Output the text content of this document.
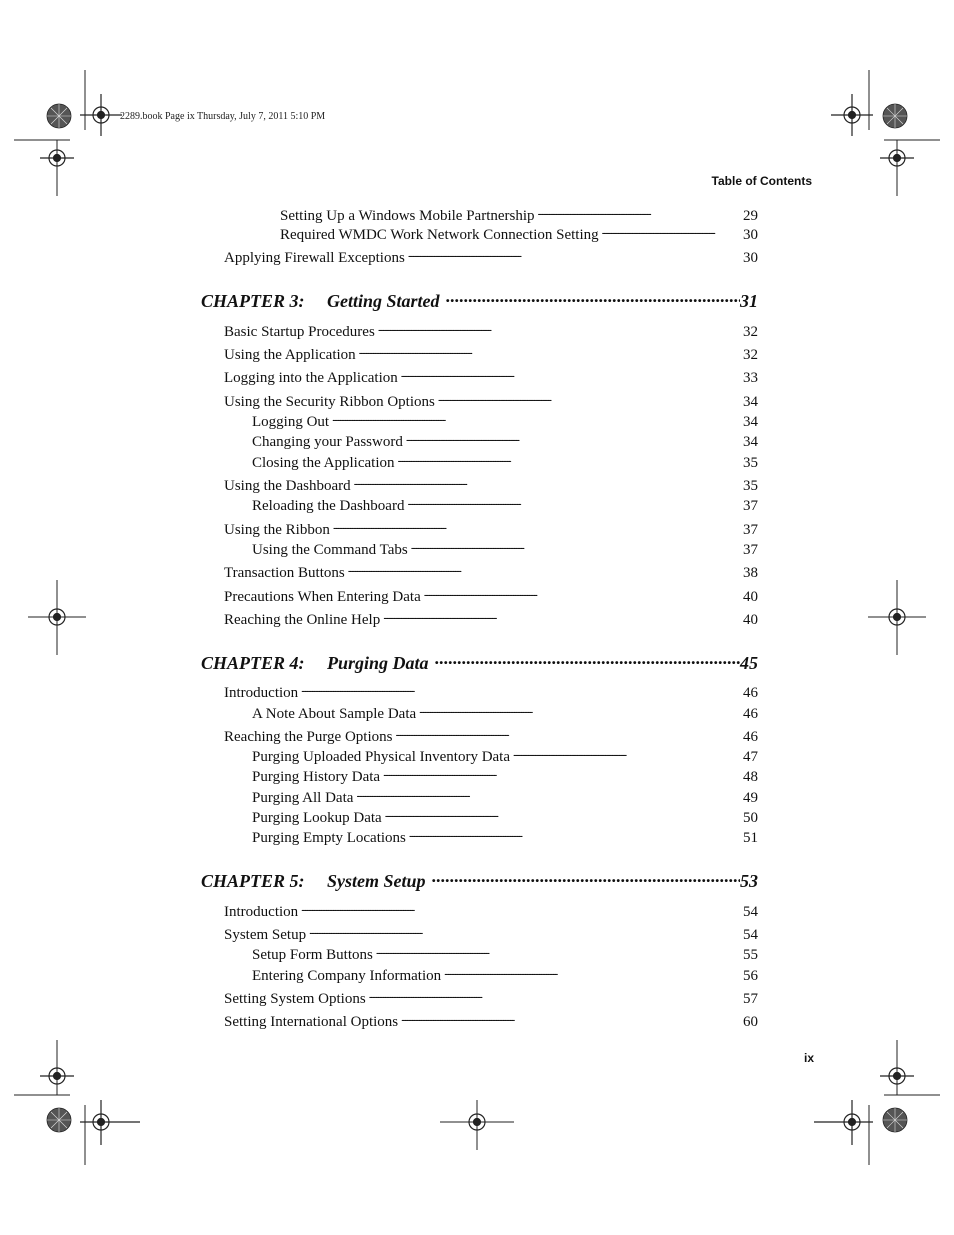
2289.book Page ix Thursday, July 7, 2011 5:10 PM
Table of Contents
Setting Up a Windows Mobile Partnership . . .	29
Required WMDC Work Network Connection Setting . . .	30
Applying Firewall Exceptions . . .	30
CHAPTER 3:	Getting Started .....	31
Basic Startup Procedures . . .	32
Using the Application . . .	32
Logging into the Application . . .	33
Using the Security Ribbon Options . . .	34
Logging Out . . .	34
Changing your Password . . .	34
Closing the Application . . .	35
Using the Dashboard . . .	35
Reloading the Dashboard . . .	37
Using the Ribbon . . .	37
Using the Command Tabs . . .	37
Transaction Buttons . . .	38
Precautions When Entering Data . . .	40
Reaching the Online Help . . .	40
CHAPTER 4:	Purging Data .....	45
Introduction . . .	46
A Note About Sample Data . . .	46
Reaching the Purge Options . . .	46
Purging Uploaded Physical Inventory Data . . .	47
Purging History Data . . .	48
Purging All Data . . .	49
Purging Lookup Data . . .	50
Purging Empty Locations . . .	51
CHAPTER 5:	System Setup .....	53
Introduction . . .	54
System Setup . . .	54
Setup Form Buttons . . .	55
Entering Company Information . . .	56
Setting System Options . . .	57
Setting International Options . . .	60
ix
